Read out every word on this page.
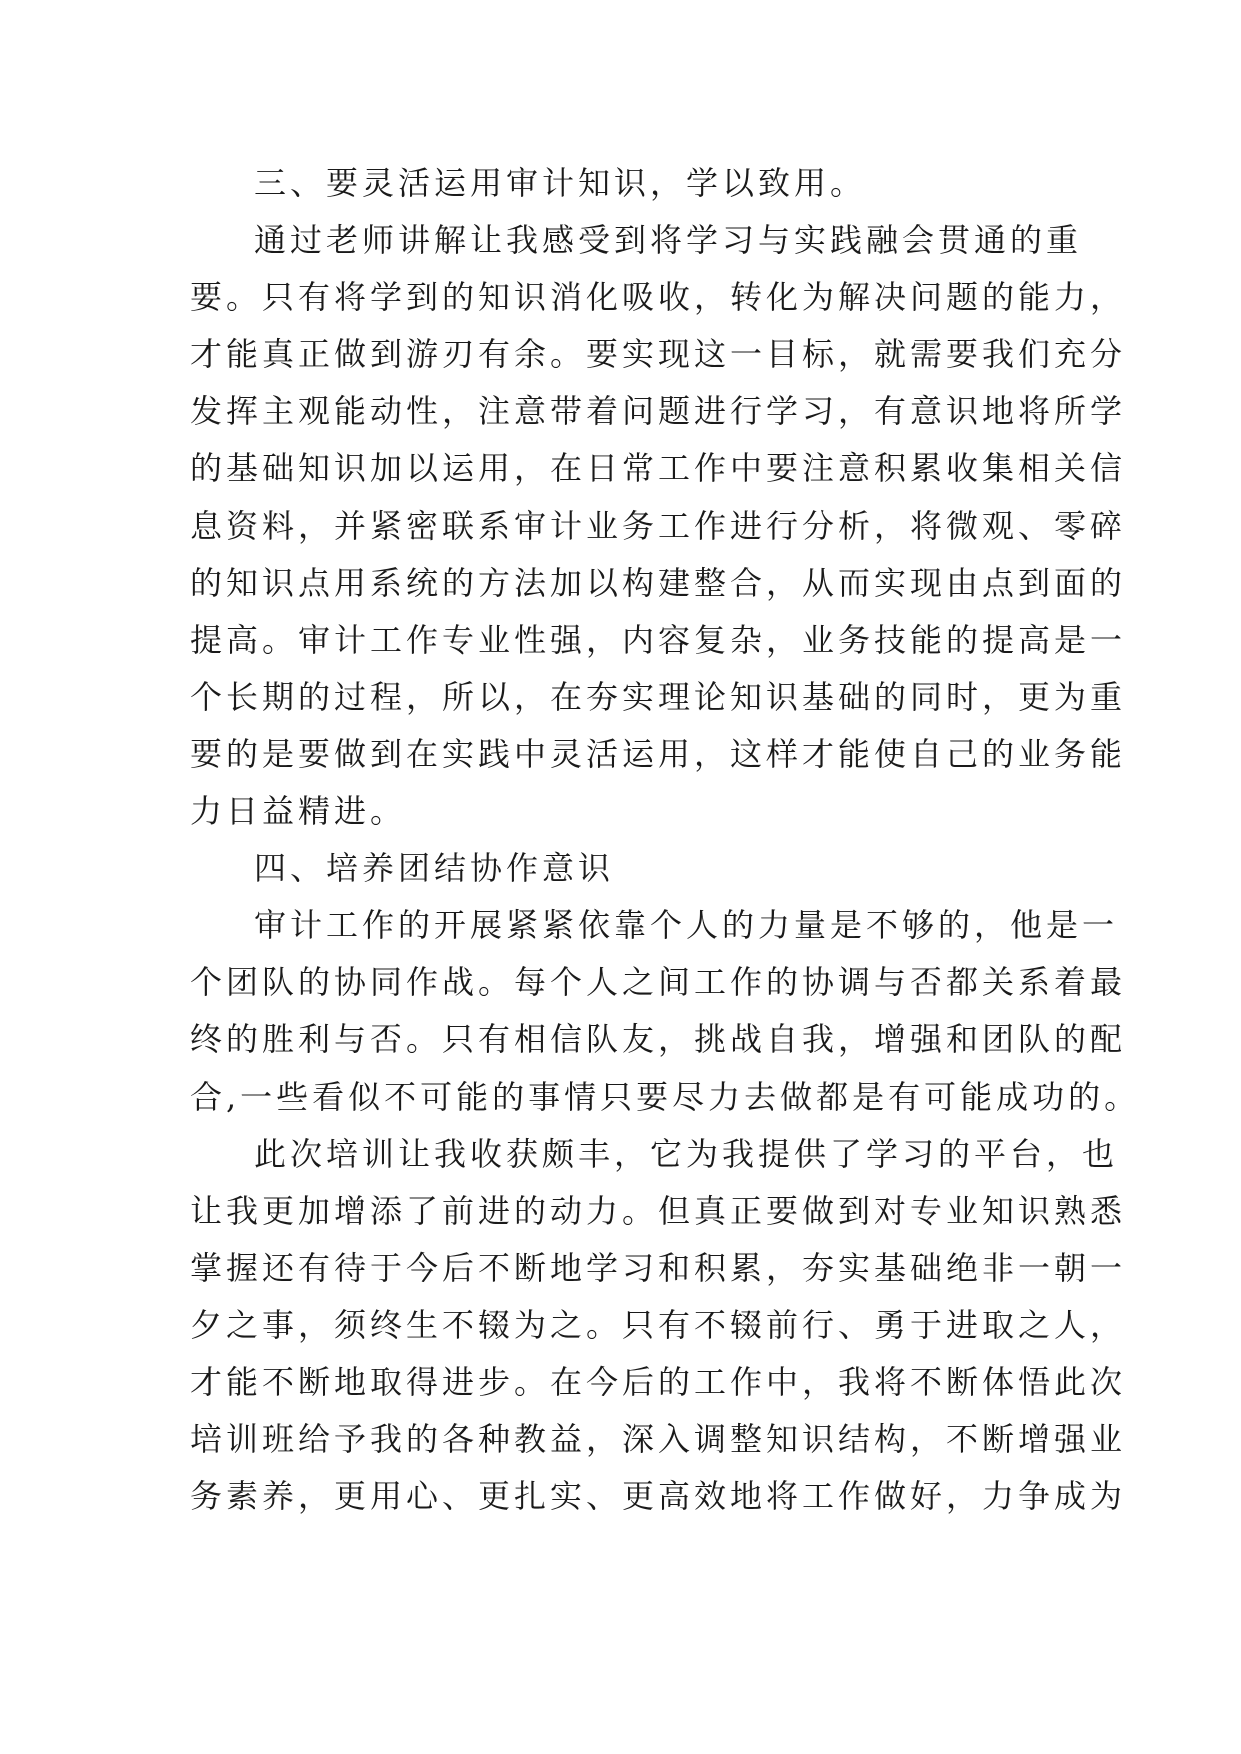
三、要灵活运用审计知识，学以致用。
通过老师讲解让我感受到将学习与实践融会贯通的重
要。只有将学到的知识消化吸收，转化为解决问题的能力，
才能真正做到游刃有余。要实现这一目标，就需要我们充分
发挥主观能动性，注意带着问题进行学习，有意识地将所学
的基础知识加以运用，在日常工作中要注意积累收集相关信
息资料，并紧密联系审计业务工作进行分析，将微观、零碎
的知识点用系统的方法加以构建整合，从而实现由点到面的
提高。审计工作专业性强，内容复杂，业务技能的提高是一
个长期的过程，所以，在夯实理论知识基础的同时，更为重
要的是要做到在实践中灵活运用，这样才能使自己的业务能
力日益精进。
四、培养团结协作意识
审计工作的开展紧紧依靠个人的力量是不够的，他是一
个团队的协同作战。每个人之间工作的协调与否都关系着最
终的胜利与否。只有相信队友，挑战自我，增强和团队的配
合,一些看似不可能的事情只要尽力去做都是有可能成功的。
此次培训让我收获颇丰，它为我提供了学习的平台，也
让我更加增添了前进的动力。但真正要做到对专业知识熟悉
掌握还有待于今后不断地学习和积累，夯实基础绝非一朝一
夕之事，须终生不辍为之。只有不辍前行、勇于进取之人，
才能不断地取得进步。在今后的工作中，我将不断体悟此次
培训班给予我的各种教益，深入调整知识结构，不断增强业
务素养，更用心、更扎实、更高效地将工作做好，力争成为
